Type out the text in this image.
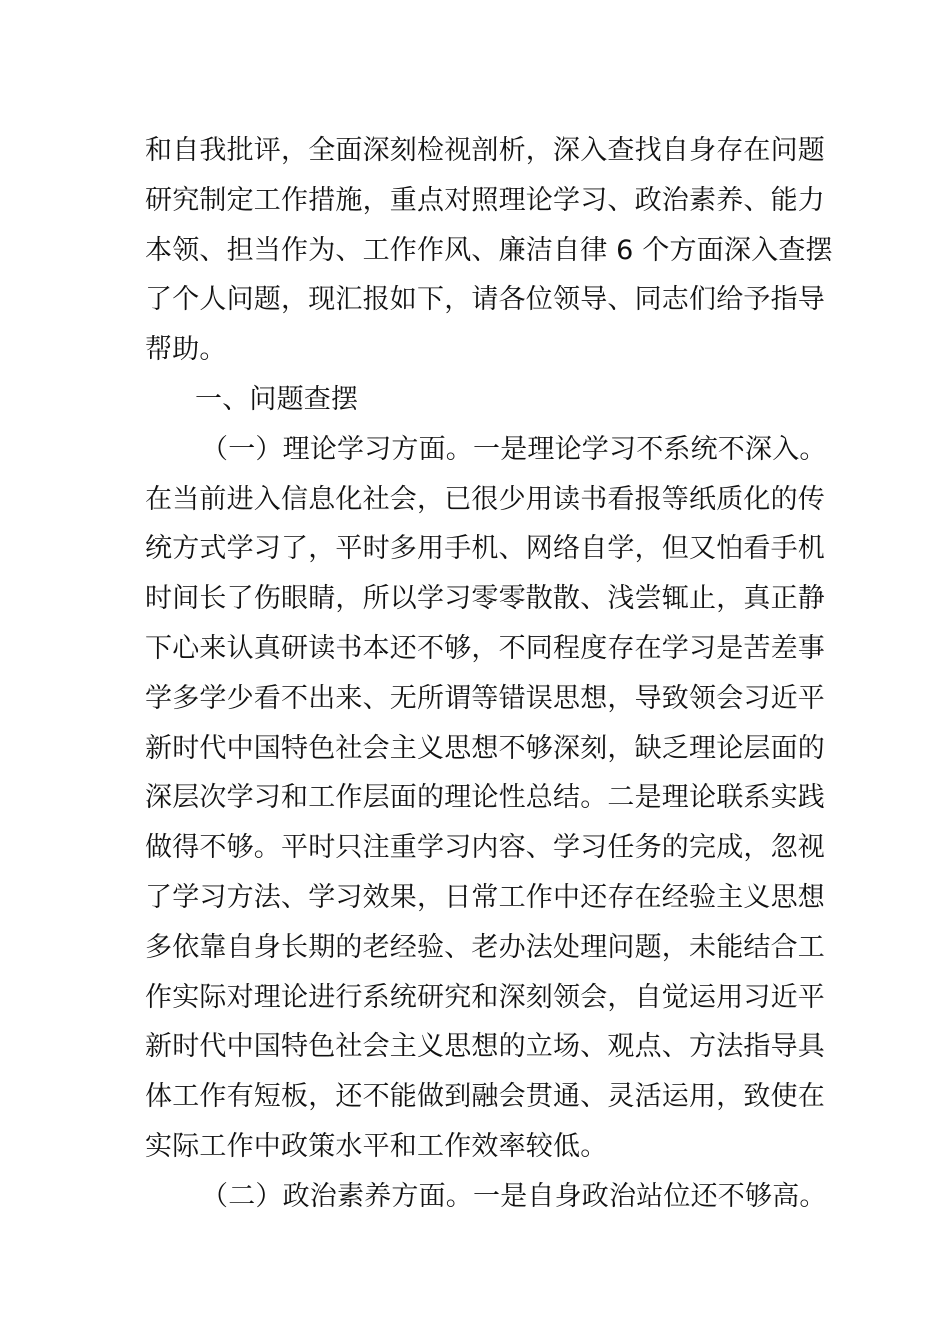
和自我批评，全面深刻检视剖析，深入查找自身存在问题
研究制定工作措施，重点对照理论学习、政治素养、能力
本领、担当作为、工作作风、廉洁自律 6 个方面深入查摆
了个人问题，现汇报如下，请各位领导、同志们给予指导
帮助。
一、问题查摆
（一）理论学习方面。一是理论学习不系统不深入。
在当前进入信息化社会，已很少用读书看报等纸质化的传
统方式学习了，平时多用手机、网络自学，但又怕看手机
时间长了伤眼睛，所以学习零零散散、浅尝辄止，真正静
下心来认真研读书本还不够，不同程度存在学习是苦差事
学多学少看不出来、无所谓等错误思想，导致领会习近平
新时代中国特色社会主义思想不够深刻，缺乏理论层面的
深层次学习和工作层面的理论性总结。二是理论联系实践
做得不够。平时只注重学习内容、学习任务的完成，忽视
了学习方法、学习效果，日常工作中还存在经验主义思想
多依靠自身长期的老经验、老办法处理问题，未能结合工
作实际对理论进行系统研究和深刻领会，自觉运用习近平
新时代中国特色社会主义思想的立场、观点、方法指导具
体工作有短板，还不能做到融会贯通、灵活运用，致使在
实际工作中政策水平和工作效率较低。
（二）政治素养方面。一是自身政治站位还不够高。
